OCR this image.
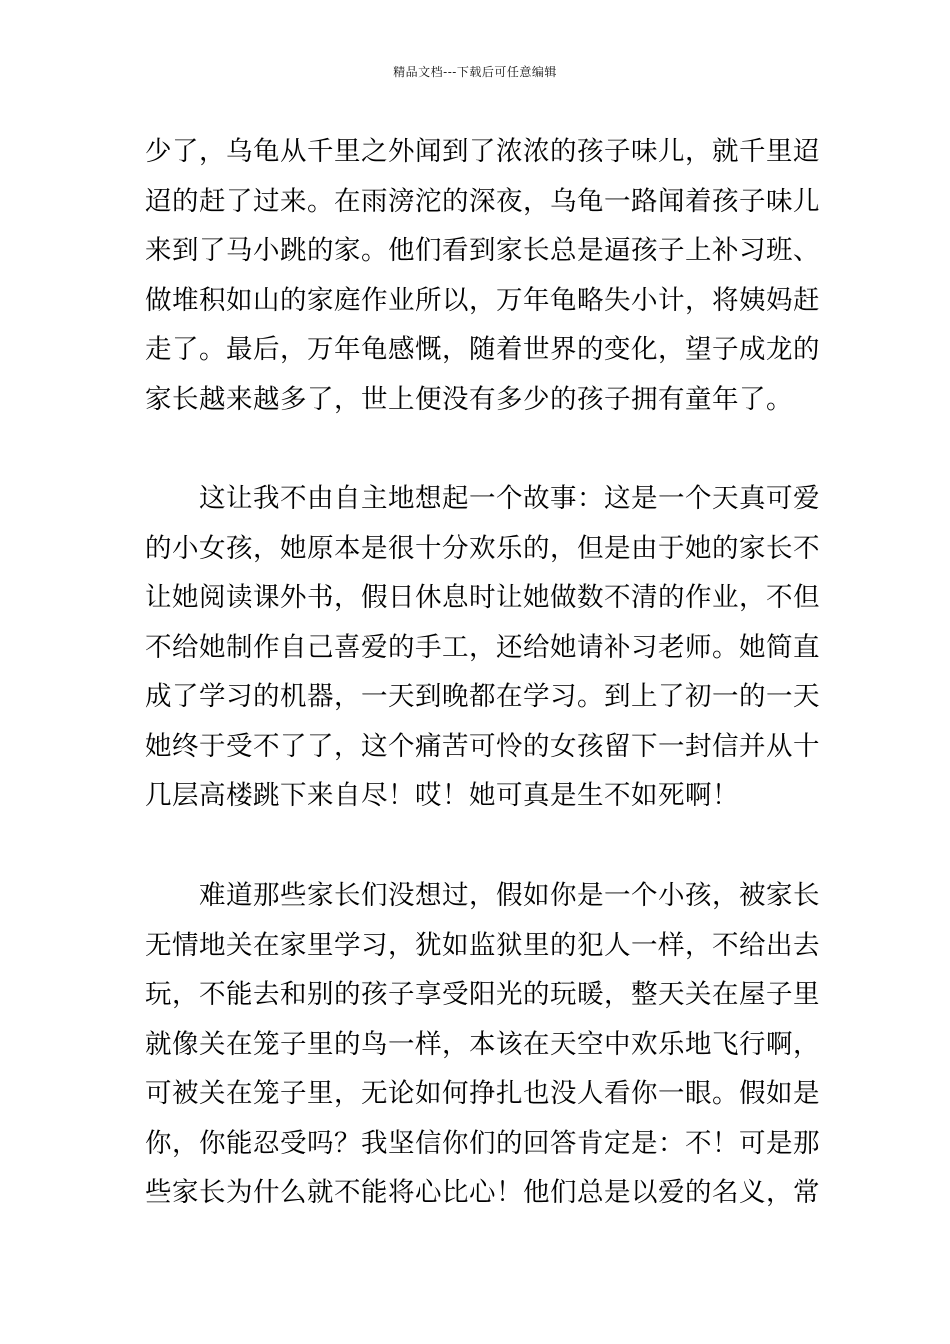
精品文档---下载后可任意编辑
少了，乌龟从千里之外闻到了浓浓的孩子味儿，就千里迢
迢的赶了过来。在雨滂沱的深夜，乌龟一路闻着孩子味儿
来到了马小跳的家。他们看到家长总是逼孩子上补习班、
做堆积如山的家庭作业所以，万年龟略失小计，将姨妈赶
走了。最后，万年龟感慨，随着世界的变化，望子成龙的
家长越来越多了，世上便没有多少的孩子拥有童年了。
　　这让我不由自主地想起一个故事：这是一个天真可爱
的小女孩，她原本是很十分欢乐的，但是由于她的家长不
让她阅读课外书，假日休息时让她做数不清的作业，不但
不给她制作自己喜爱的手工，还给她请补习老师。她简直
成了学习的机器，一天到晚都在学习。到上了初一的一天
她终于受不了了，这个痛苦可怜的女孩留下一封信并从十
几层高楼跳下来自尽！哎！她可真是生不如死啊！
　　难道那些家长们没想过，假如你是一个小孩，被家长
无情地关在家里学习，犹如监狱里的犯人一样，不给出去
玩，不能去和别的孩子享受阳光的玩暖，整天关在屋子里
就像关在笼子里的鸟一样，本该在天空中欢乐地飞行啊，
可被关在笼子里，无论如何挣扎也没人看你一眼。假如是
你，你能忍受吗？我坚信你们的回答肯定是：不！可是那
些家长为什么就不能将心比心！他们总是以爱的名义，常
